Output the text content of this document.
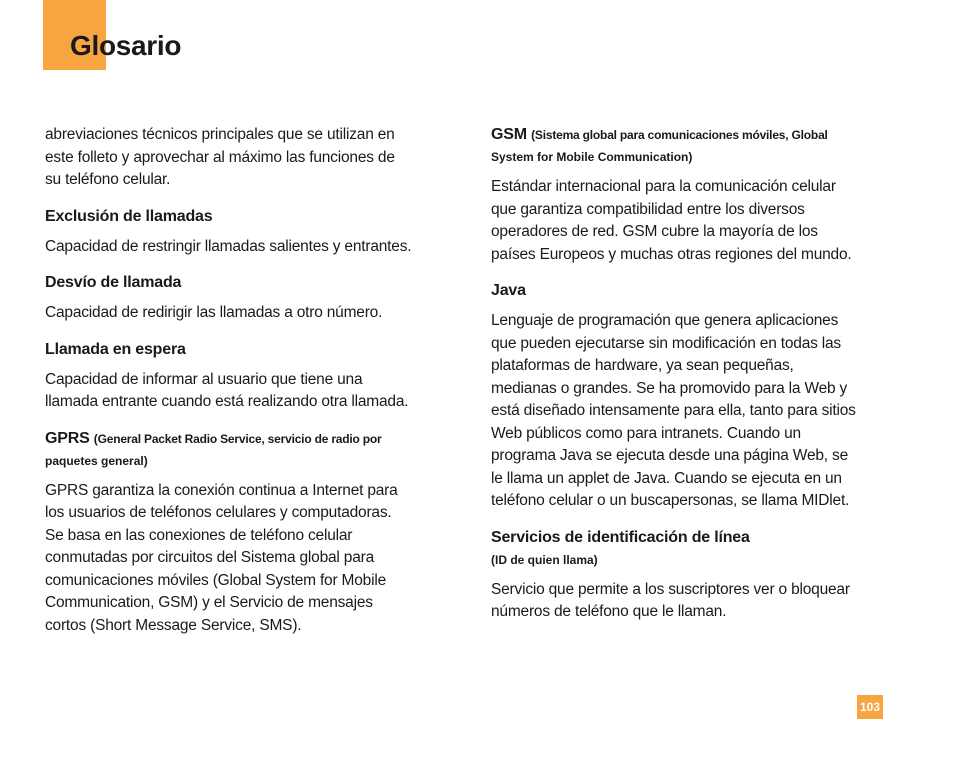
Glosario

abreviaciones técnicos principales que se utilizan en

este folleto y aprovechar al máximo las funciones de

su teléfono celular.

Exclusión de llamadas

Capacidad de restringir llamadas salientes y entrantes.

Desvío de llamada

Capacidad de redirigir las llamadas a otro número.

Llamada en espera

Capacidad de informar al usuario que tiene una

llamada entrante cuando está realizando otra llamada.

GPRS (General Packet Radio Service, servicio de radio por

paquetes general)

GPRS garantiza la conexión continua a Internet para

los usuarios de teléfonos celulares y computadoras.

Se basa en las conexiones de teléfono celular

conmutadas por circuitos del Sistema global para

comunicaciones móviles (Global System for Mobile

Communication, GSM) y el Servicio de mensajes

cortos (Short Message Service, SMS).

GSM (Sistema global para comunicaciones móviles, Global

System for Mobile Communication)

Estándar internacional para la comunicación celular

que garantiza compatibilidad entre los diversos

operadores de red. GSM cubre la mayoría de los

países Europeos y muchas otras regiones del mundo.

Java

Lenguaje de programación que genera aplicaciones

que pueden ejecutarse sin modificación en todas las

plataformas de hardware, ya sean pequeñas,

medianas o grandes. Se ha promovido para la Web y

está diseñado intensamente para ella, tanto para sitios

Web públicos como para intranets. Cuando un

programa Java se ejecuta desde una página Web, se

le llama un applet de Java. Cuando se ejecuta en un

teléfono celular o un buscapersonas, se llama MIDlet.

Servicios de identificación de línea

(ID de quien llama)

Servicio que permite a los suscriptores ver o bloquear

números de teléfono que le llaman.

103
